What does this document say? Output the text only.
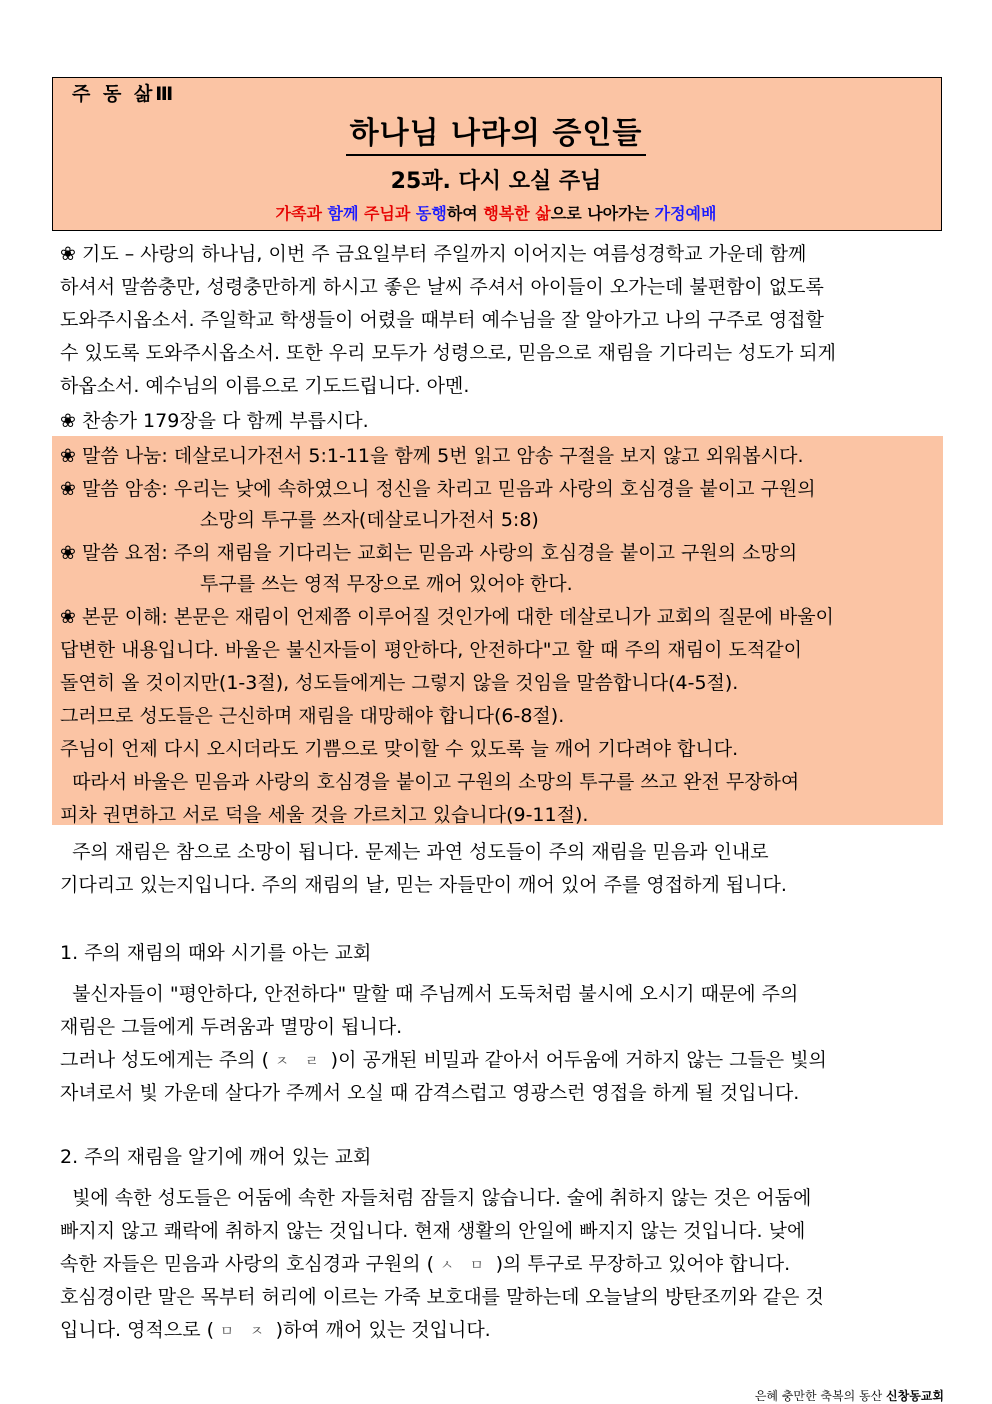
주 동 삶Ⅲ
하나님 나라의 증인들
25과. 다시 오실 주님
가족과 함께 주님과 동행하여 행복한 삶으로 나아가는 가정예배
❀ 기도 – 사랑의 하나님, 이번 주 금요일부터 주일까지 이어지는 여름성경학교 가운데 함께
하셔서 말씀충만, 성령충만하게 하시고 좋은 날씨 주셔서 아이들이 오가는데 불편함이 없도록
도와주시옵소서. 주일학교 학생들이 어렸을 때부터 예수님을 잘 알아가고 나의 구주로 영접할
수 있도록 도와주시옵소서. 또한 우리 모두가 성령으로, 믿음으로 재림을 기다리는 성도가 되게
하옵소서. 예수님의 이름으로 기도드립니다. 아멘.
❀ 찬송가 179장을 다 함께 부릅시다.
❀ 말씀 나눔: 데살로니가전서 5:1-11을 함께 5번 읽고 암송 구절을 보지 않고 외워봅시다.
❀ 말씀 암송: 우리는 낮에 속하였으니 정신을 차리고 믿음과 사랑의 호심경을 붙이고 구원의
소망의 투구를 쓰자(데살로니가전서 5:8)
❀ 말씀 요점: 주의 재림을 기다리는 교회는 믿음과 사랑의 호심경을 붙이고 구원의 소망의
투구를 쓰는 영적 무장으로 깨어 있어야 한다.
❀ 본문 이해: 본문은 재림이 언제쯤 이루어질 것인가에 대한 데살로니가 교회의 질문에 바울이
답변한 내용입니다. 바울은 불신자들이 평안하다, 안전하다"고 할 때 주의 재림이 도적같이
돌연히 올 것이지만(1-3절), 성도들에게는 그렇지 않을 것임을 말씀합니다(4-5절).
그러므로 성도들은 근신하며 재림을 대망해야 합니다(6-8절).
주님이 언제 다시 오시더라도 기쁨으로 맞이할 수 있도록 늘 깨어 기다려야 합니다.
따라서 바울은 믿음과 사랑의 호심경을 붙이고 구원의 소망의 투구를 쓰고 완전 무장하여
피차 권면하고 서로 덕을 세울 것을 가르치고 있습니다(9-11절).
주의 재림은 참으로 소망이 됩니다. 문제는 과연 성도들이 주의 재림을 믿음과 인내로
기다리고 있는지입니다. 주의 재림의 날, 믿는 자들만이 깨어 있어 주를 영접하게 됩니다.
1. 주의 재림의 때와 시기를 아는 교회
불신자들이 "평안하다, 안전하다" 말할 때 주님께서 도둑처럼 불시에 오시기 때문에 주의
재림은 그들에게 두려움과 멸망이 됩니다.
그러나 성도에게는 주의 ( ㅈ ㄹ )이 공개된 비밀과 같아서 어두움에 거하지 않는 그들은 빛의
자녀로서 빛 가운데 살다가 주께서 오실 때 감격스럽고 영광스런 영접을 하게 될 것입니다.
2. 주의 재림을 알기에 깨어 있는 교회
빛에 속한 성도들은 어둠에 속한 자들처럼 잠들지 않습니다. 술에 취하지 않는 것은 어둠에
빠지지 않고 쾌락에 취하지 않는 것입니다. 현재 생활의 안일에 빠지지 않는 것입니다. 낮에
속한 자들은 믿음과 사랑의 호심경과 구원의 ( ㅅ ㅁ )의 투구로 무장하고 있어야 합니다.
호심경이란 말은 목부터 허리에 이르는 가죽 보호대를 말하는데 오늘날의 방탄조끼와 같은 것
입니다. 영적으로 ( ㅁ ㅈ )하여 깨어 있는 것입니다.
은혜 충만한 축복의 동산 신창동교회
